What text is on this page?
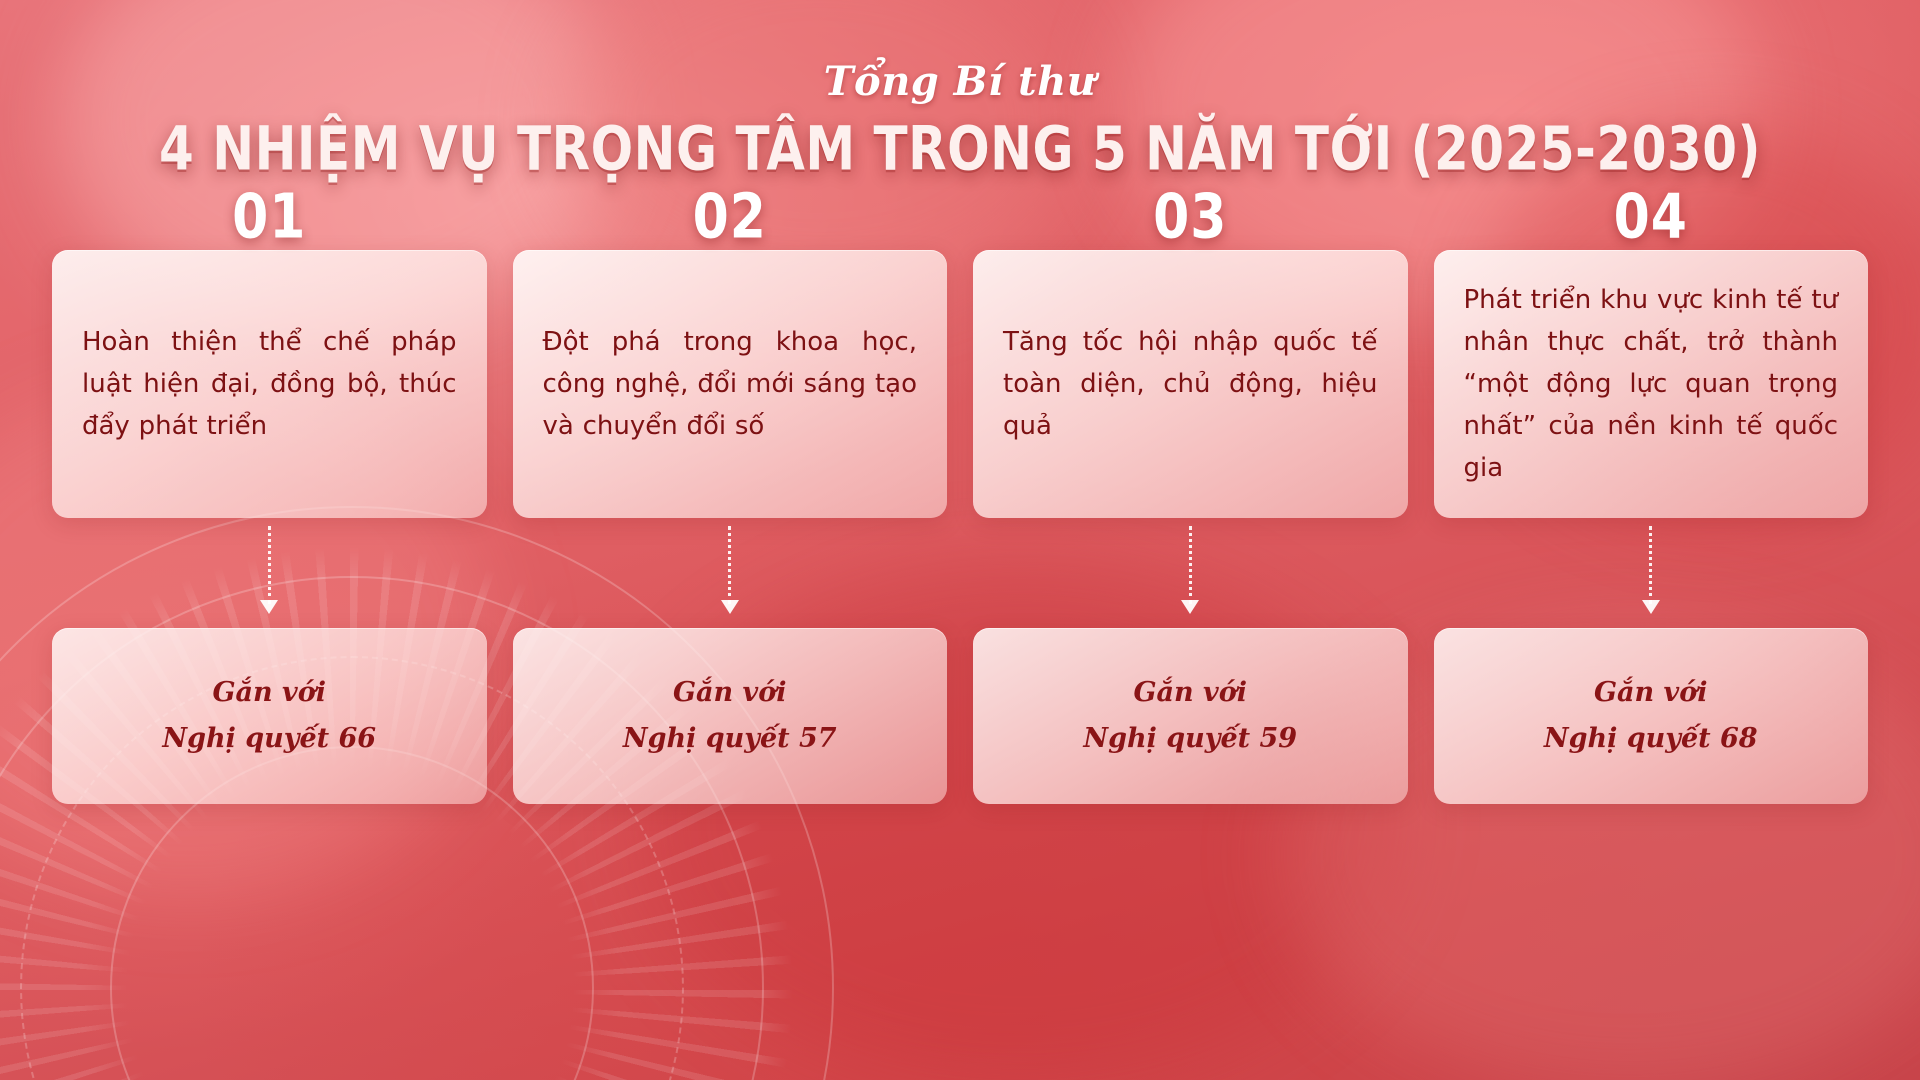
Tổng Bí thư
4 NHIỆM VỤ TRỌNG TÂM TRONG 5 NĂM TỚI (2025-2030)
01

Hoàn thiện thể chế pháp luật hiện đại, đồng bộ, thúc đẩy phát triển

Gắn với
Nghị quyết 66
02

Đột phá trong khoa học, công nghệ, đổi mới sáng tạo và chuyển đổi số

Gắn với
Nghị quyết 57
03

Tăng tốc hội nhập quốc tế toàn diện, chủ động, hiệu quả

Gắn với
Nghị quyết 59
04

Phát triển khu vực kinh tế tư nhân thực chất, trở thành “một động lực quan trọng nhất” của nền kinh tế quốc gia

Gắn với
Nghị quyết 68
